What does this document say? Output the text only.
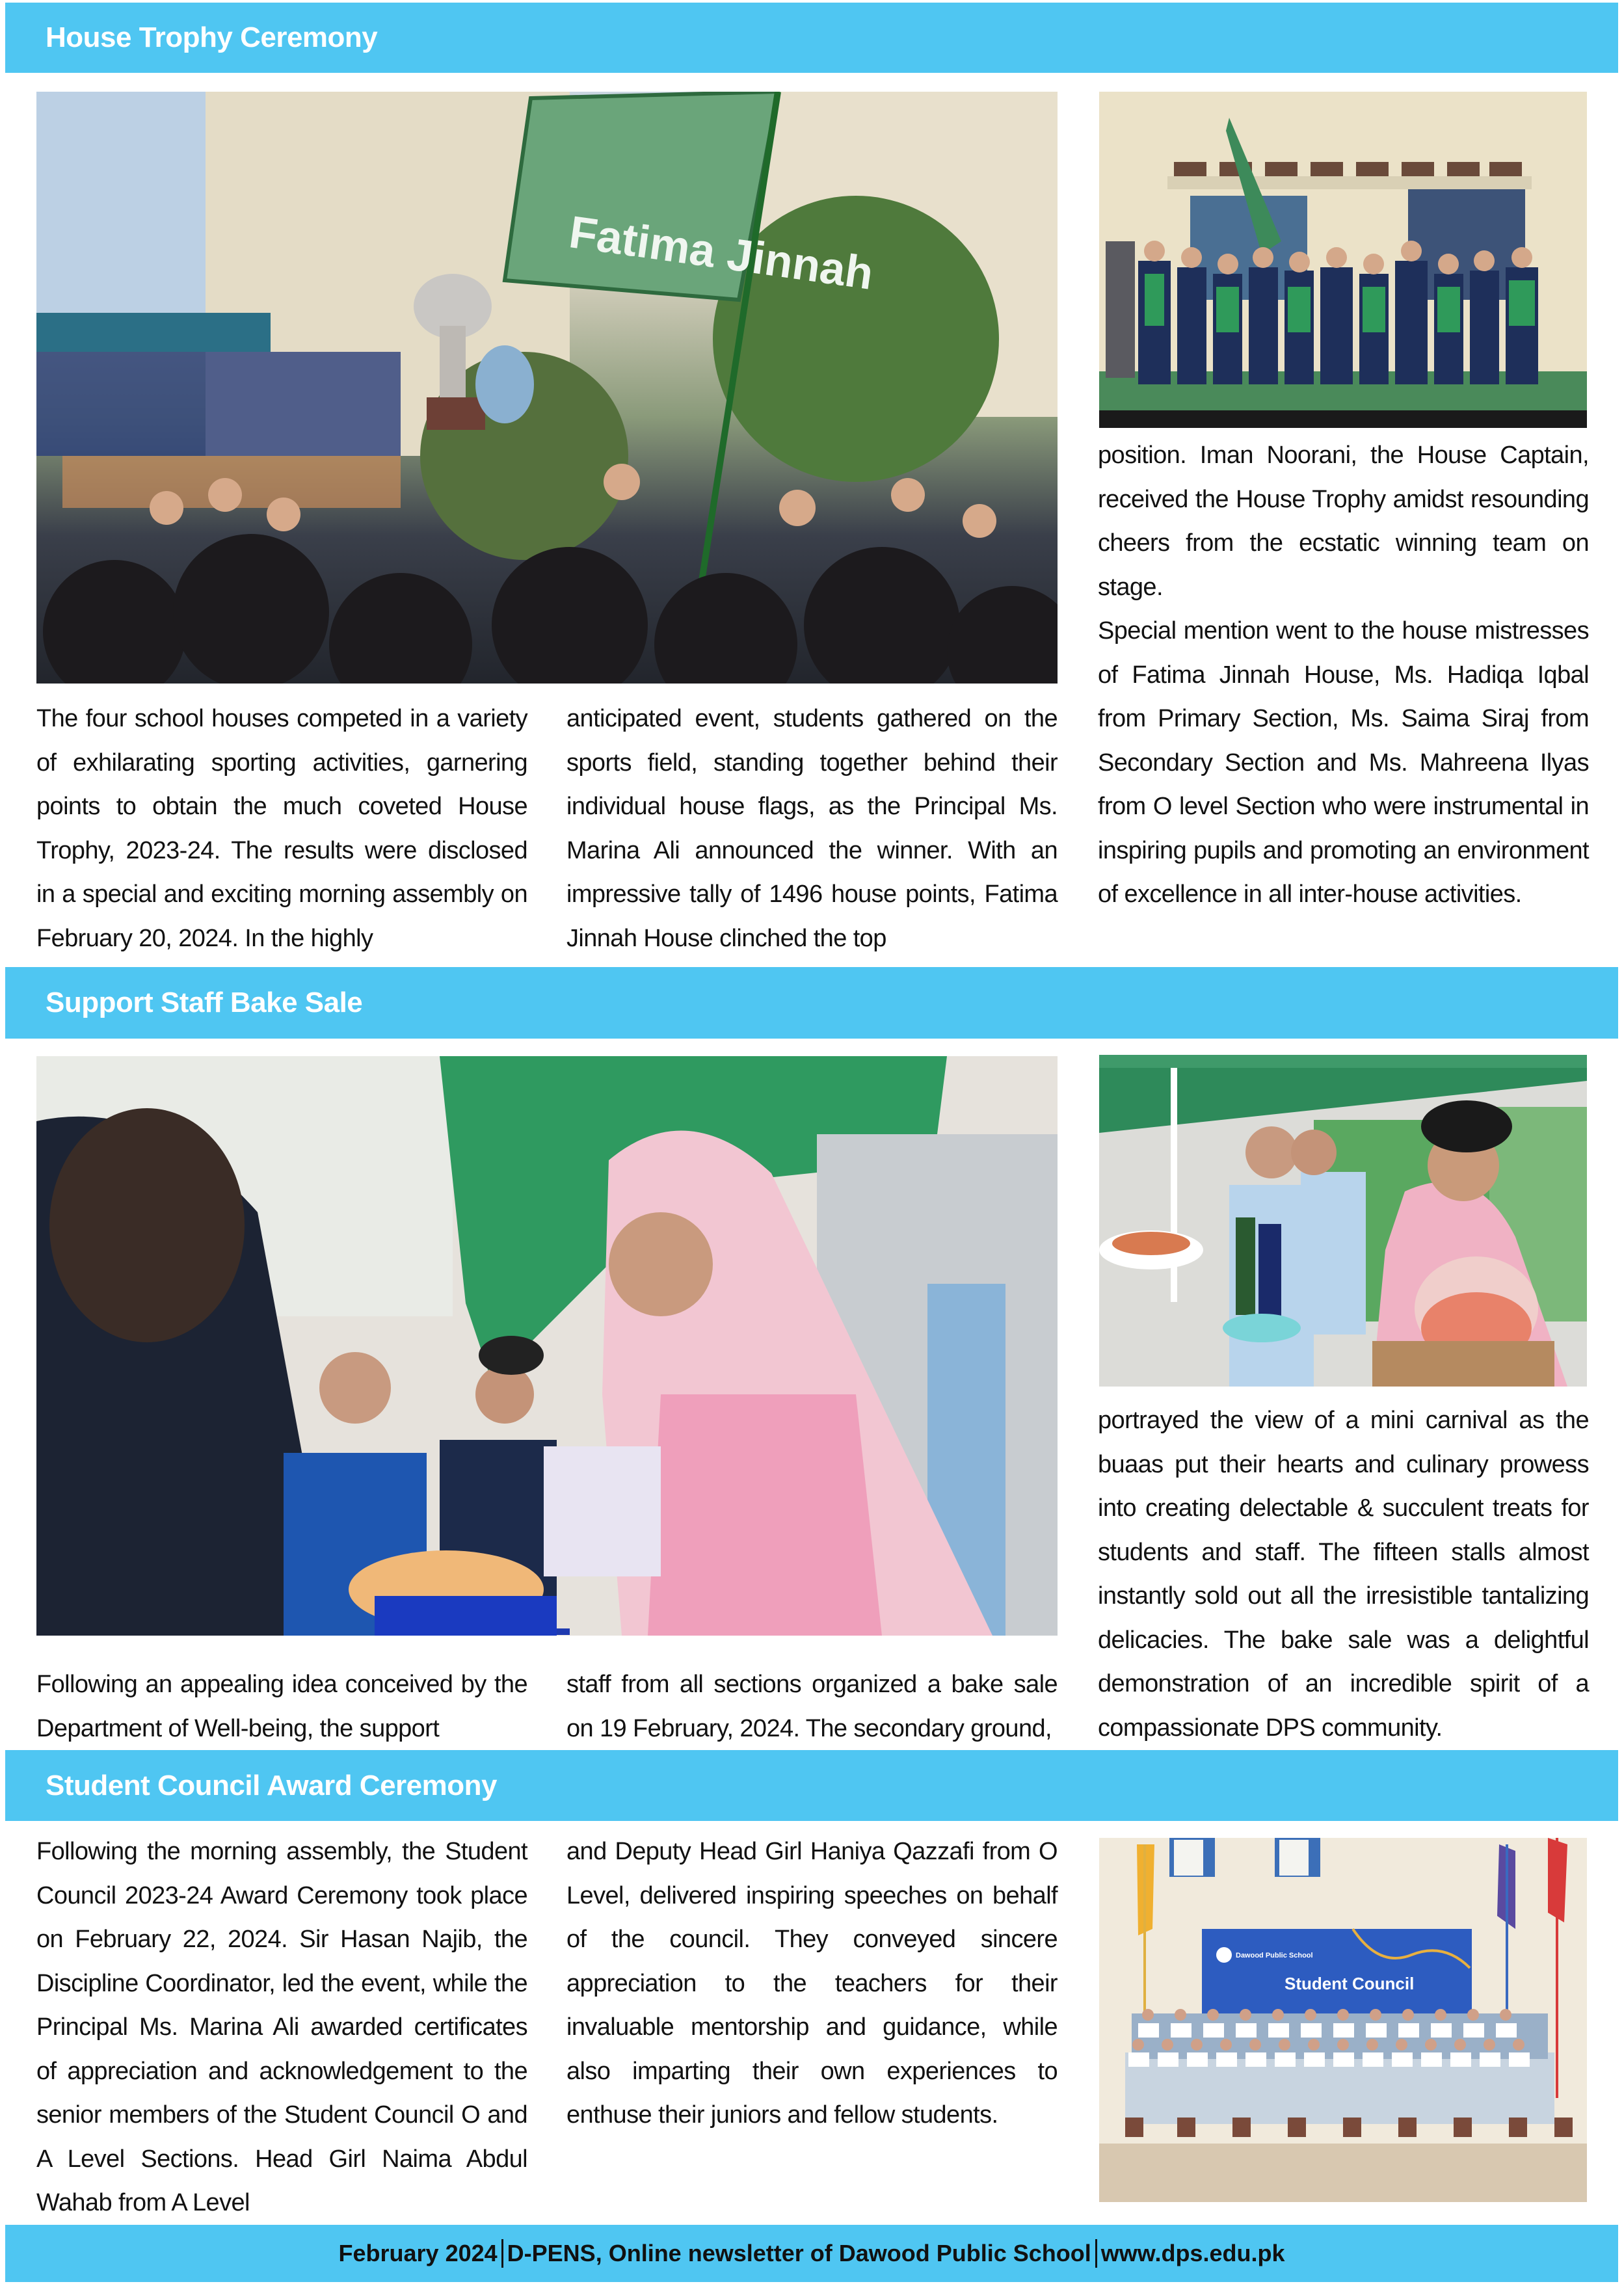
House Trophy Ceremony
Fatima Jinnah

The four school houses competed in a variety of exhilarating sporting activities, garnering points to obtain the much coveted House Trophy, 2023-24. The results were disclosed in a special and exciting morning assembly on February 20, 2024. In the highly

anticipated event, students gathered on the sports field, standing together behind their individual house flags, as the Principal Ms. Marina Ali announced the winner. With an impressive tally of 1496 house points, Fatima Jinnah House clinched the top

position. Iman Noorani, the House Captain, received the House Trophy amidst resounding cheers from the ecstatic winning team on stage.

Special mention went to the house mistresses of Fatima Jinnah House, Ms. Hadiqa Iqbal from Primary Section, Ms. Saima Siraj from Secondary Section and Ms. Mahreena Ilyas from O level Section who were instrumental in inspiring pupils and promoting an environment of excellence in all inter-house activities.

Support Staff Bake Sale

Following an appealing idea conceived by the Department of Well-being, the support

staff from all sections organized a bake sale on 19 February, 2024. The secondary ground,

portrayed the view of a mini carnival as the buaas put their hearts and culinary prowess into creating delectable & succulent treats for students and staff. The fifteen stalls almost instantly sold out all the irresistible tantalizing delicacies. The bake sale was a delightful demonstration of an incredible spirit of a compassionate DPS community.

Student Council Award Ceremony

Following the morning assembly, the Student Council 2023-24 Award Ceremony took place on February 22, 2024. Sir Hasan Najib, the Discipline Coordinator, led the event, while the Principal Ms. Marina Ali awarded certificates of appreciation and acknowledgement to the senior members of the Student Council O and A Level Sections. Head Girl Naima Abdul Wahab from A Level

and Deputy Head Girl Haniya Qazzafi from O Level, delivered inspiring speeches on behalf of the council. They conveyed sincere appreciation to the teachers for their invaluable mentorship and guidance, while also imparting their own experiences to enthuse their juniors and fellow students.

Dawood Public School
Student Council
February 2024 D-PENS, Online newsletter of Dawood Public School www.dps.edu.pk
